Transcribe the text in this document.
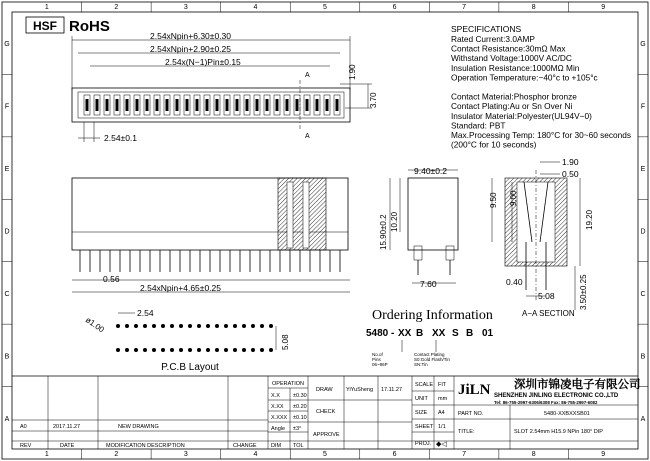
1
1
2
2
3
3
4
4
5
5
6
6
7
7
8
8
9
9
G	G
F	F
E	E
D	D
C	C
B	B
A	A
HSF RoHS	SPECIFICATIONS
Rated Current:3.0AMP
Contact Resistance:30mΩ Max
Withstand Voltage:1000V AC/DC
Insulation Resistance:1000MΩ Min
Operation Temperature:−40°c to +105°c
Contact Material:Phosphor bronze
Contact Plating:Au or Sn Over Ni
Insulator Material:Polyester(UL94V−0)
Standard: PBT
Max.Processing Temp: 180°C for 30~60 seconds
(200°C for 10 seconds)
2.54xNpin+6.30±0.30
2.54xNpin+2.90±0.25
2.54x(N−1)Pin±0.15
A
A
1.90
3.70
2.54±0.1
0.56
2.54xNpin+4.65±0.25
9.40±0.2
15.90±0.2 10.20
7.60
1.90
0.50
9.50 9.00
19.20
0.40
5.08	3.50±0.25
A−A SECTION
ø1.00
2.54
5.08
P.C.B Layout
Ordering Information
5480 - XX B XX S B 01
No.of
Pins
06~96P
Contact Plating
S0:Gold Flash/Tin
SN:Tin
A0	2017.11.27	NEW DRAWING
REV	DATE	MODIFICATION DESCRIPTION	CHANGE
OPERATION
X.X ±0.30
X.XX ±0.20
X.XXX ±0.10
Angle ±3°
DIM TOL
DRAW YiYuSheng 17.11.27
CHECK
APPROVE
SCALE FIT
UNIT mm
SIZE A4
SHEET 1/1
PROJ. ◆◁
JiLN 深圳市锦凌电子有限公司
SHENZHEN JINLING ELECTRONIC CO.,LTD
Tel: 86-755-2997-6306/6308 Fax: 86-755-2997-6082
PART NO.	5480-XXBXXSB01
TITLE:	SLOT 2.54mm H15.9 NPin 180° DIP
